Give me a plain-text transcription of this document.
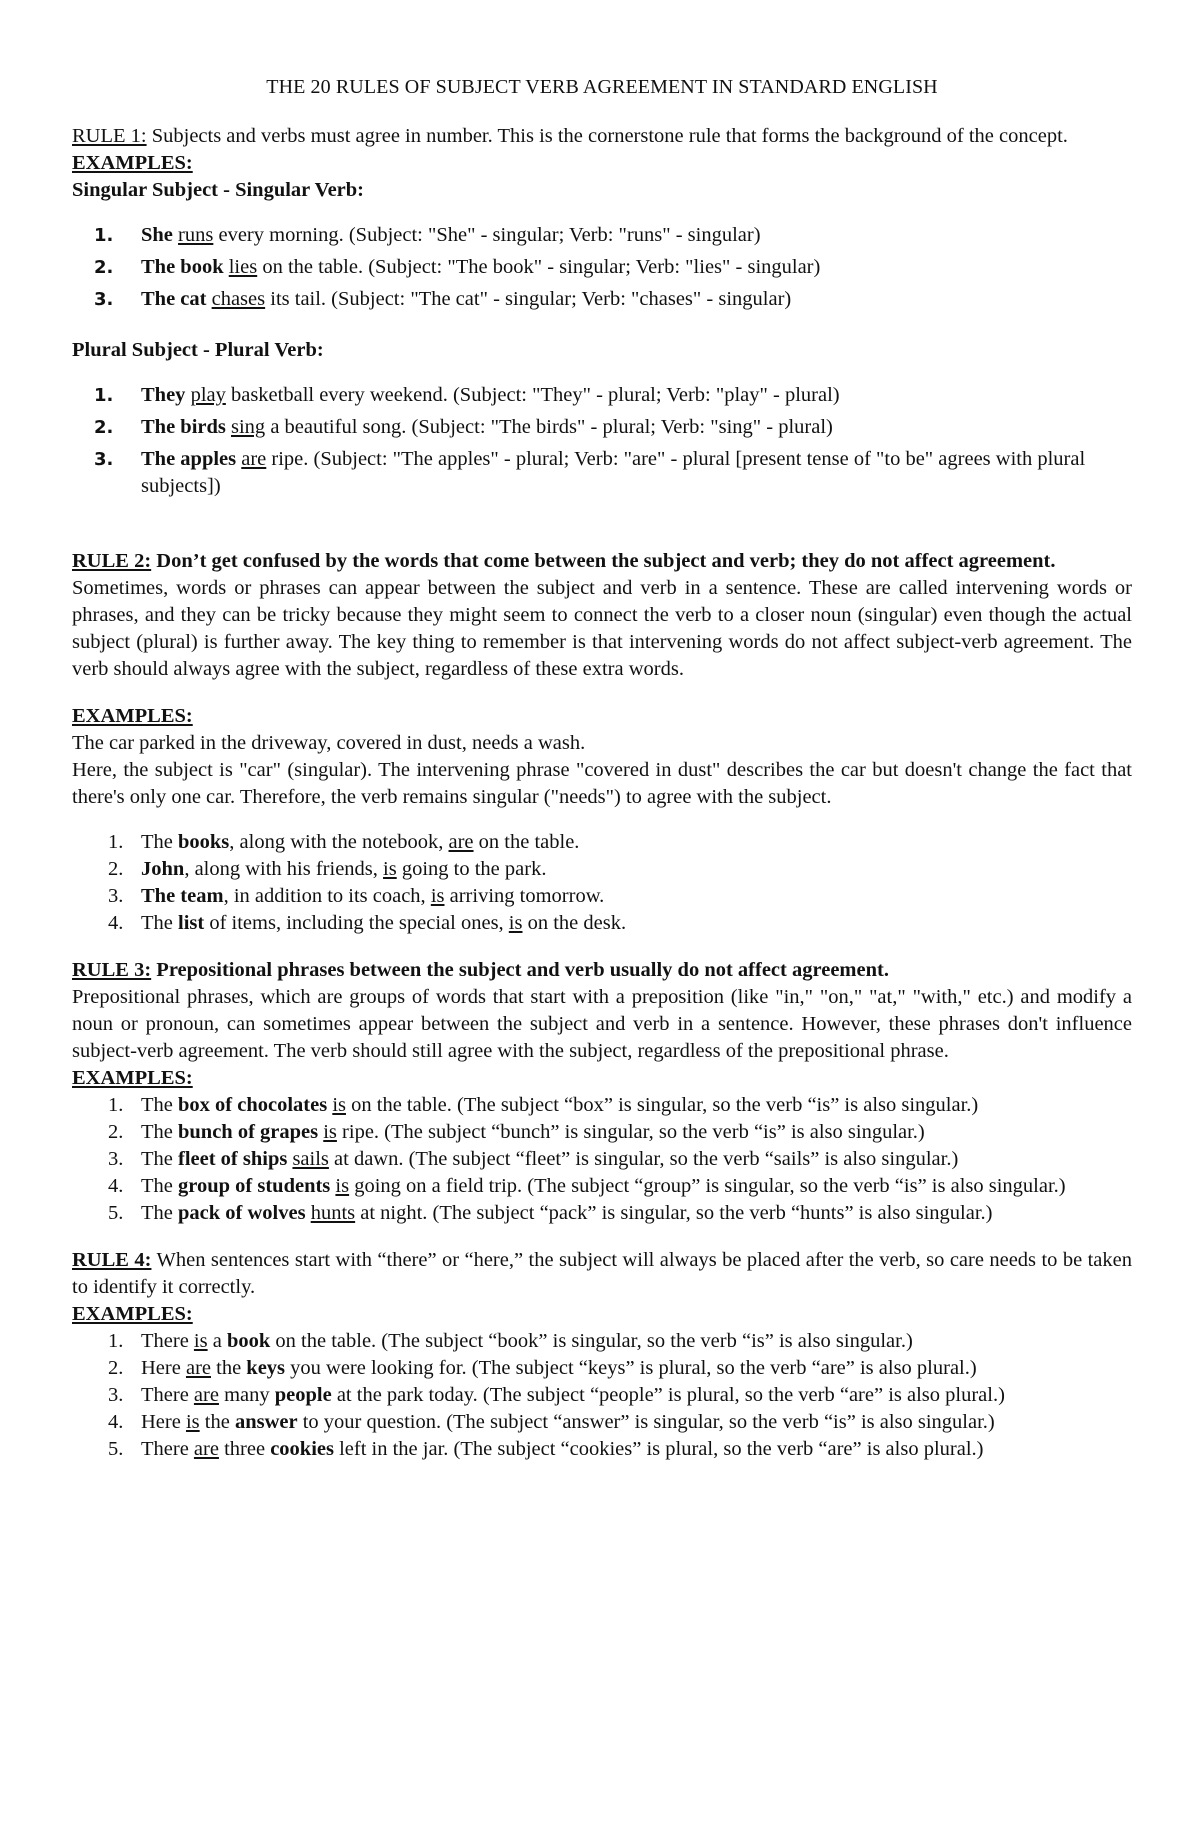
THE 20 RULES OF SUBJECT VERB AGREEMENT IN STANDARD ENGLISH

RULE 1: Subjects and verbs must agree in number. This is the cornerstone rule that forms the background of the concept.

EXAMPLES:

Singular Subject - Singular Verb:

1.	She runs every morning. (Subject: "She" - singular; Verb: "runs" - singular)
2.	The book lies on the table. (Subject: "The book" - singular; Verb: "lies" - singular)
3.	The cat chases its tail. (Subject: "The cat" - singular; Verb: "chases" - singular)

Plural Subject - Plural Verb:

1.	They play basketball every weekend. (Subject: "They" - plural; Verb: "play" - plural)
2.	The birds sing a beautiful song. (Subject: "The birds" - plural; Verb: "sing" - plural)
3.	The apples are ripe. (Subject: "The apples" - plural; Verb: "are" - plural [present tense of "to be" agrees with plural subjects])

RULE 2: Don’t get confused by the words that come between the subject and verb; they do not affect agreement.

Sometimes, words or phrases can appear between the subject and verb in a sentence. These are called intervening words or phrases, and they can be tricky because they might seem to connect the verb to a closer noun (singular) even though the actual subject (plural) is further away. The key thing to remember is that intervening words do not affect subject-verb agreement. The verb should always agree with the subject, regardless of these extra words.

EXAMPLES:

The car parked in the driveway, covered in dust, needs a wash.

Here, the subject is "car" (singular). The intervening phrase "covered in dust" describes the car but doesn't change the fact that there's only one car. Therefore, the verb remains singular ("needs") to agree with the subject.

1. The books, along with the notebook, are on the table.
2. John, along with his friends, is going to the park.
3. The team, in addition to its coach, is arriving tomorrow.
4. The list of items, including the special ones, is on the desk.

RULE 3: Prepositional phrases between the subject and verb usually do not affect agreement.

Prepositional phrases, which are groups of words that start with a preposition (like "in," "on," "at," "with," etc.) and modify a noun or pronoun, can sometimes appear between the subject and verb in a sentence. However, these phrases don't influence subject-verb agreement. The verb should still agree with the subject, regardless of the prepositional phrase.

EXAMPLES:

1. The box of chocolates is on the table. (The subject “box” is singular, so the verb “is” is also singular.)
2. The bunch of grapes is ripe. (The subject “bunch” is singular, so the verb “is” is also singular.)
3. The fleet of ships sails at dawn. (The subject “fleet” is singular, so the verb “sails” is also singular.)
4. The group of students is going on a field trip. (The subject “group” is singular, so the verb “is” is also singular.)
5. The pack of wolves hunts at night. (The subject “pack” is singular, so the verb “hunts” is also singular.)

RULE 4: When sentences start with “there” or “here,” the subject will always be placed after the verb, so care needs to be taken to identify it correctly.

EXAMPLES:

1. There is a book on the table. (The subject “book” is singular, so the verb “is” is also singular.)
2. Here are the keys you were looking for. (The subject “keys” is plural, so the verb “are” is also plural.)
3. There are many people at the park today. (The subject “people” is plural, so the verb “are” is also plural.)
4. Here is the answer to your question. (The subject “answer” is singular, so the verb “is” is also singular.)
5. There are three cookies left in the jar. (The subject “cookies” is plural, so the verb “are” is also plural.)
